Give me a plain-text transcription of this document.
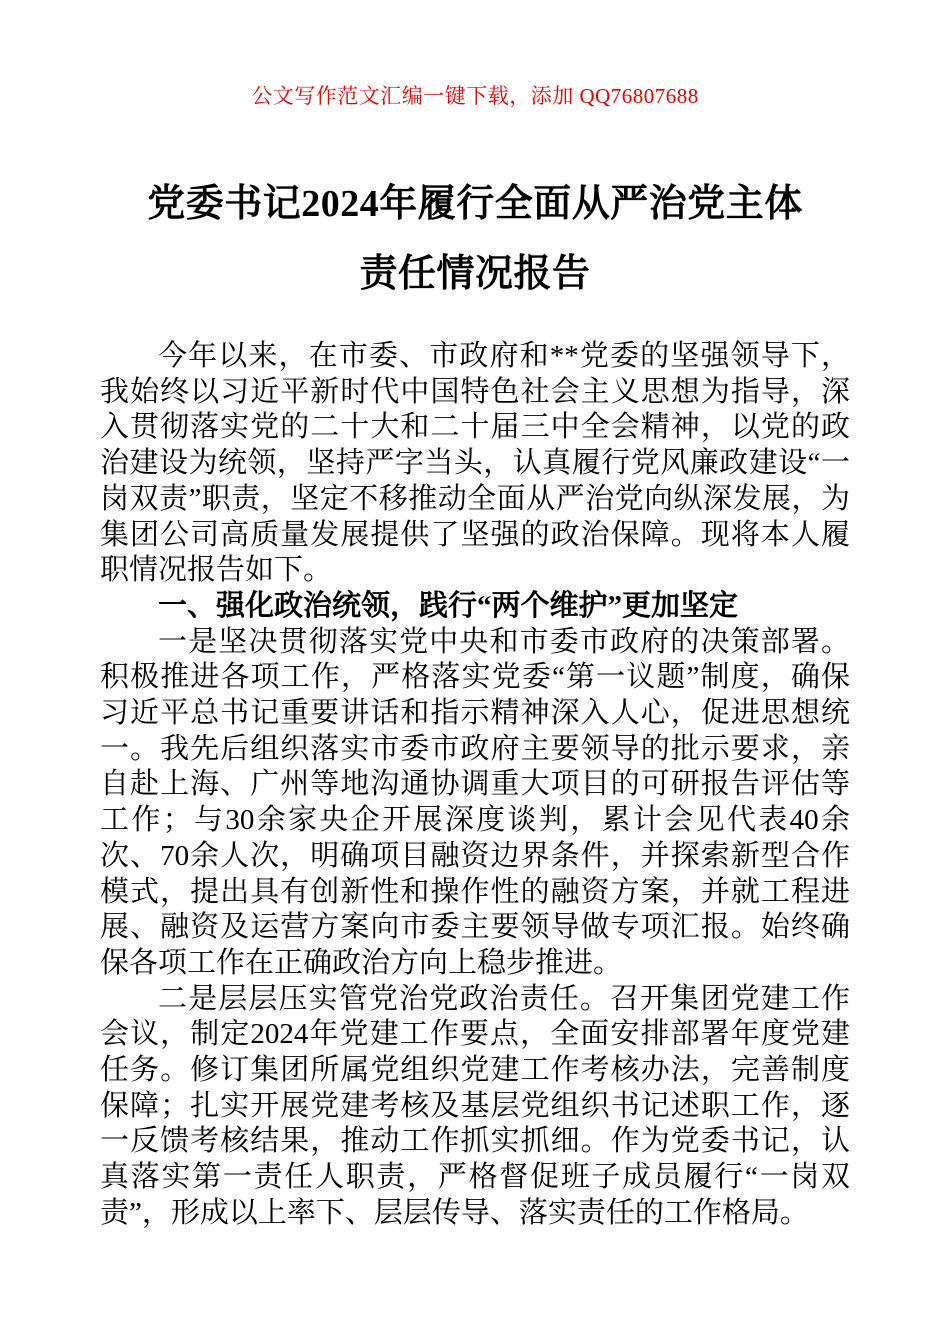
公文写作范文汇编一键下载，添加 QQ76807688
党委书记2024年履行全面从严治党主体责任情况报告

今年以来，在市委、市政府和**党委的坚强领导下，我始终以习近平新时代中国特色社会主义思想为指导，深入贯彻落实党的二十大和二十届三中全会精神，以党的政治建设为统领，坚持严字当头，认真履行党风廉政建设“一岗双责”职责，坚定不移推动全面从严治党向纵深发展，为集团公司高质量发展提供了坚强的政治保障。现将本人履职情况报告如下。

一、强化政治统领，践行“两个维护”更加坚定

一是坚决贯彻落实党中央和市委市政府的决策部署。积极推进各项工作，严格落实党委“第一议题”制度，确保习近平总书记重要讲话和指示精神深入人心，促进思想统一。我先后组织落实市委市政府主要领导的批示要求，亲自赴上海、广州等地沟通协调重大项目的可研报告评估等工作；与30余家央企开展深度谈判，累计会见代表40余次、70余人次，明确项目融资边界条件，并探索新型合作模式，提出具有创新性和操作性的融资方案，并就工程进展、融资及运营方案向市委主要领导做专项汇报。始终确保各项工作在正确政治方向上稳步推进。

二是层层压实管党治党政治责任。召开集团党建工作会议，制定2024年党建工作要点，全面安排部署年度党建任务。修订集团所属党组织党建工作考核办法，完善制度保障；扎实开展党建考核及基层党组织书记述职工作，逐一反馈考核结果，推动工作抓实抓细。作为党委书记，认真落实第一责任人职责，严格督促班子成员履行“一岗双责”，形成以上率下、层层传导、落实责任的工作格局。
